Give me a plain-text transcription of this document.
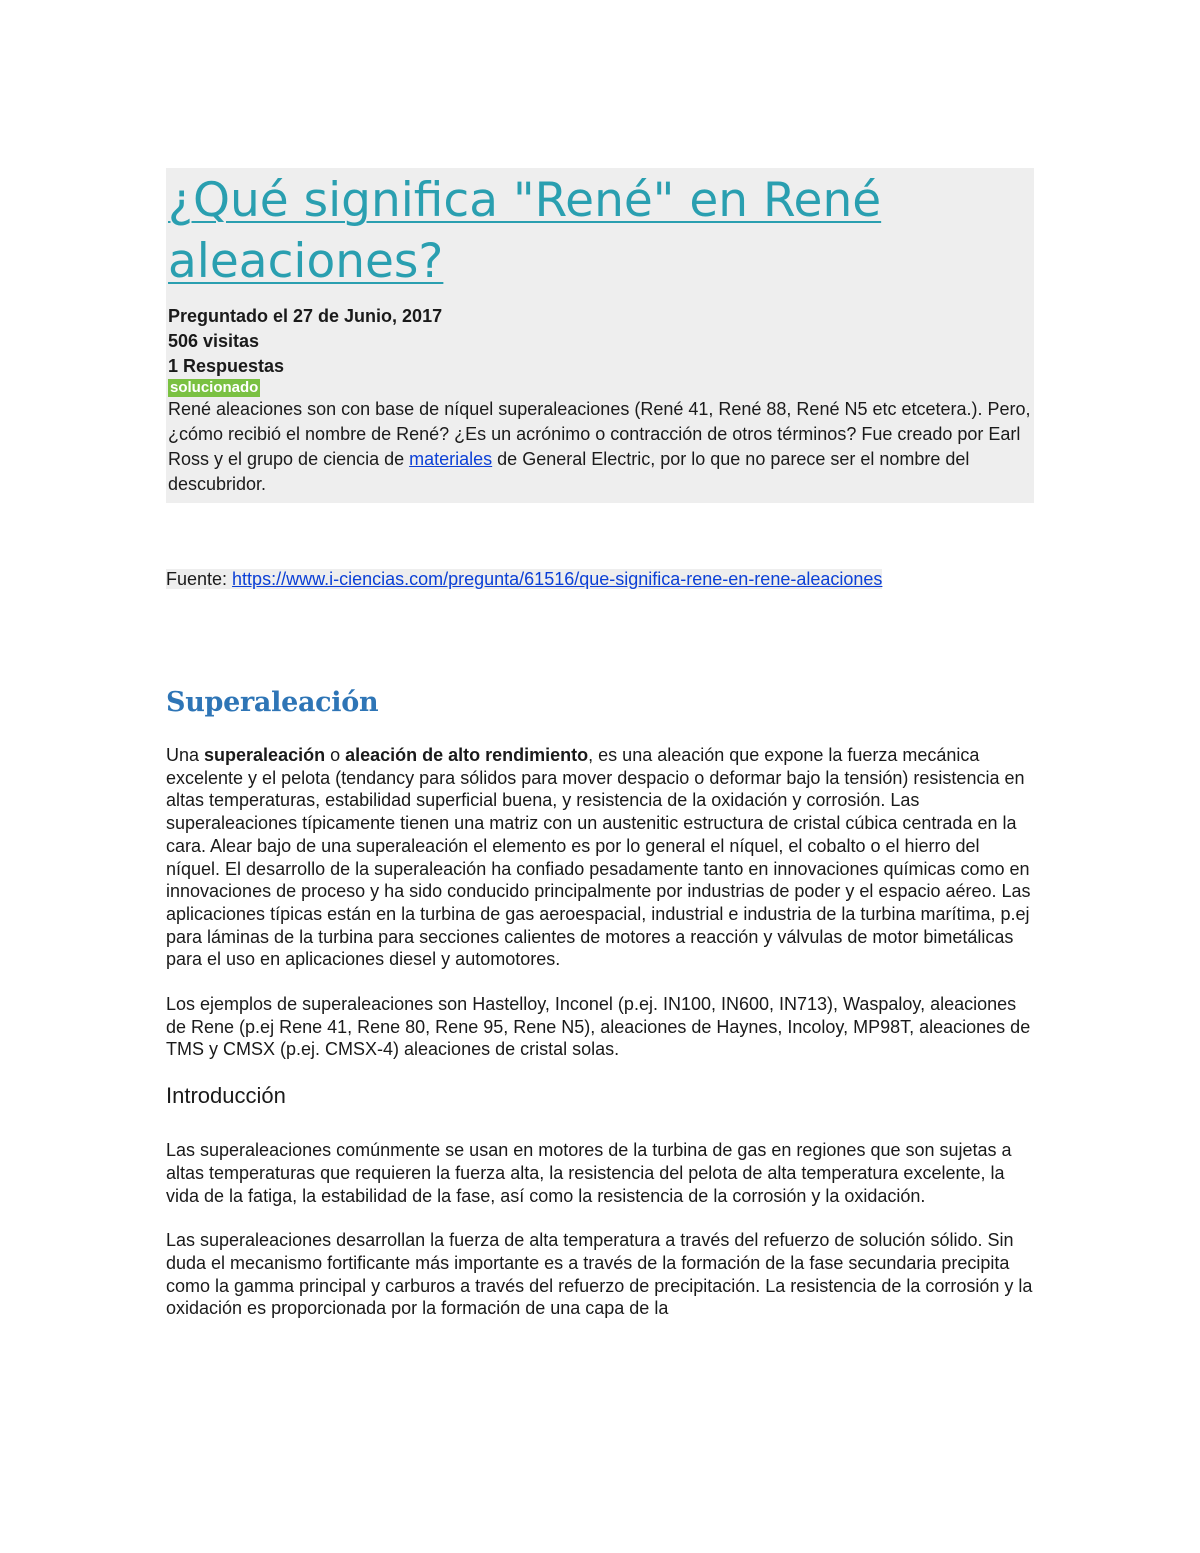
¿Qué significa "René" en René aleaciones?
Preguntado el 27 de Junio, 2017
506 visitas
1 Respuestas
solucionado
René aleaciones son con base de níquel superaleaciones (René 41, René 88, René N5 etc etcetera.). Pero, ¿cómo recibió el nombre de René? ¿Es un acrónimo o contracción de otros términos? Fue creado por Earl Ross y el grupo de ciencia de materiales de General Electric, por lo que no parece ser el nombre del descubridor.
Fuente: https://www.i-ciencias.com/pregunta/61516/que-significa-rene-en-rene-aleaciones
Superaleación

Una superaleación o aleación de alto rendimiento, es una aleación que expone la fuerza mecánica excelente y el pelota (tendancy para sólidos para mover despacio o deformar bajo la tensión) resistencia en altas temperaturas, estabilidad superficial buena, y resistencia de la oxidación y corrosión. Las superaleaciones típicamente tienen una matriz con un austenitic estructura de cristal cúbica centrada en la cara. Alear bajo de una superaleación el elemento es por lo general el níquel, el cobalto o el hierro del níquel. El desarrollo de la superaleación ha confiado pesadamente tanto en innovaciones químicas como en innovaciones de proceso y ha sido conducido principalmente por industrias de poder y el espacio aéreo. Las aplicaciones típicas están en la turbina de gas aeroespacial, industrial e industria de la turbina marítima, p.ej para láminas de la turbina para secciones calientes de motores a reacción y válvulas de motor bimetálicas para el uso en aplicaciones diesel y automotores.

Los ejemplos de superaleaciones son Hastelloy, Inconel (p.ej. IN100, IN600, IN713), Waspaloy, aleaciones de Rene (p.ej Rene 41, Rene 80, Rene 95, Rene N5), aleaciones de Haynes, Incoloy, MP98T, aleaciones de TMS y CMSX (p.ej. CMSX-4) aleaciones de cristal solas.

Introducción

Las superaleaciones comúnmente se usan en motores de la turbina de gas en regiones que son sujetas a altas temperaturas que requieren la fuerza alta, la resistencia del pelota de alta temperatura excelente, la vida de la fatiga, la estabilidad de la fase, así como la resistencia de la corrosión y la oxidación.

Las superaleaciones desarrollan la fuerza de alta temperatura a través del refuerzo de solución sólido. Sin duda el mecanismo fortificante más importante es a través de la formación de la fase secundaria precipita como la gamma principal y carburos a través del refuerzo de precipitación. La resistencia de la corrosión y la oxidación es proporcionada por la formación de una capa de la
